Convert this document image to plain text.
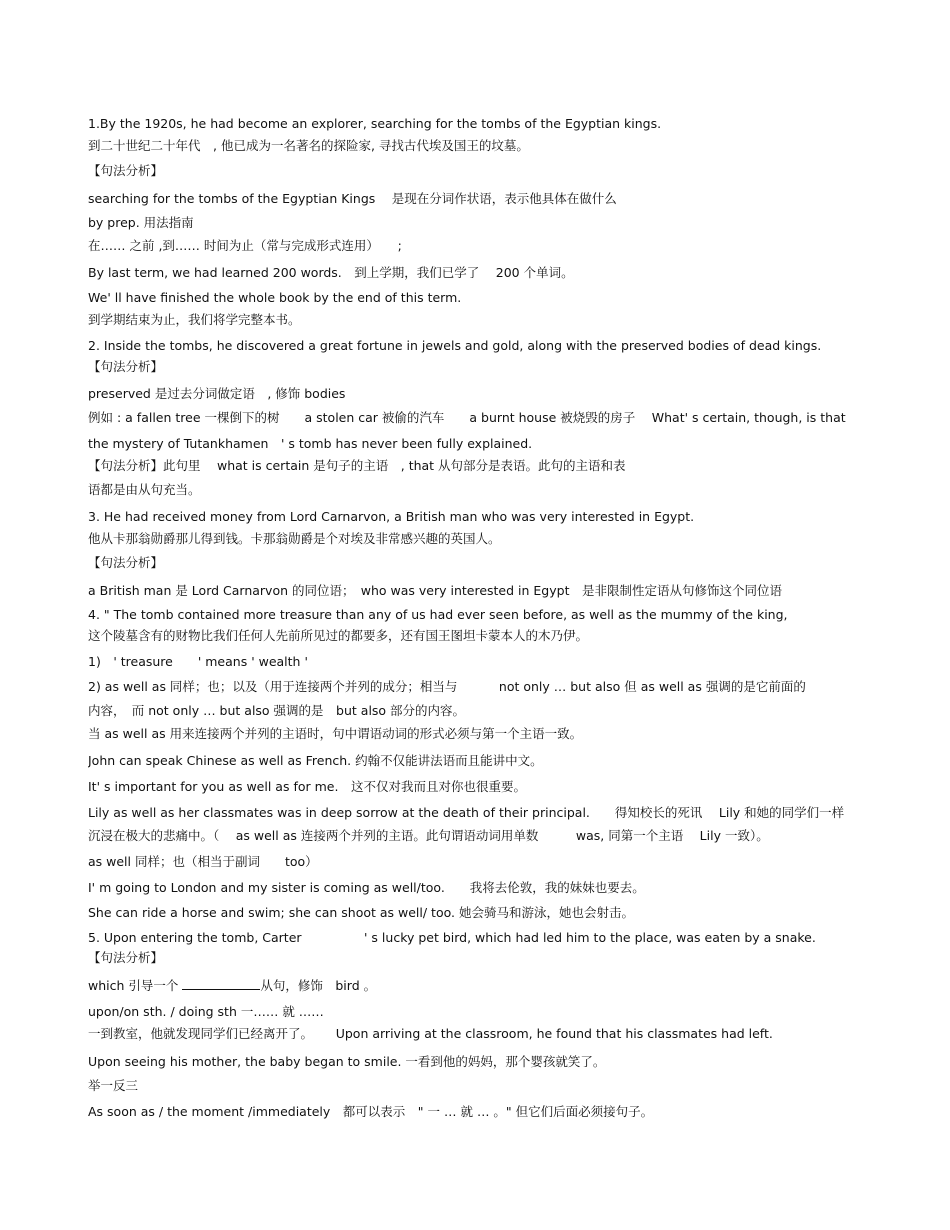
1.By the 1920s, he had become an explorer, searching for the tombs of the Egyptian kings.
到二十世纪二十年代　, 他已成为一名著名的探险家, 寻找古代埃及国王的坟墓。
【句法分析】
searching for the tombs of the Egyptian Kings　 是现在分词作状语，表示他具体在做什么
by prep. 用法指南
在…… 之前 ,到…… 时间为止（常与完成形式连用）　　;
By last term, we had learned 200 words.　到上学期，我们已学了　 200 个单词。
We' ll have finished the whole book by the end of this term.
到学期结束为止，我们将学完整本书。
2. Inside the tombs, he discovered a great fortune in jewels and gold, along with the preserved bodies of dead kings.
【句法分析】
preserved 是过去分词做定语　, 修饰 bodies
例如 : a fallen tree 一棵倒下的树　　a stolen car 被偷的汽车　　a burnt house 被烧毁的房子　 What' s certain, though, is that
the mystery of Tutankhamen　' s tomb has never been fully explained.
【句法分析】此句里　 what is certain 是句子的主语　, that 从句部分是表语。此句的主语和表
语都是由从句充当。
3. He had received money from Lord Carnarvon, a British man who was very interested in Egypt.
他从卡那翁勋爵那儿得到钱。卡那翁勋爵是个对埃及非常感兴趣的英国人。
【句法分析】
a British man 是 Lord Carnarvon 的同位语；　who was very interested in Egypt　是非限制性定语从句修饰这个同位语
4. " The tomb contained more treasure than any of us had ever seen before, as well as the mummy of the king,
这个陵墓含有的财物比我们任何人先前所见过的都要多，还有国王图坦卡蒙本人的木乃伊。
1)　' treasure　　' means ' wealth '
2) as well as 同样；也；以及（用于连接两个并列的成分；相当与　　　 not only … but also 但 as well as 强调的是它前面的
内容，　而 not only … but also 强调的是　but also 部分的内容。
当 as well as 用来连接两个并列的主语时，句中谓语动词的形式必须与第一个主语一致。
John can speak Chinese as well as French. 约翰不仅能讲法语而且能讲中文。
It' s important for you as well as for me.　这不仅对我而且对你也很重要。
Lily as well as her classmates was in deep sorrow at the death of their principal.　　得知校长的死讯　 Lily 和她的同学们一样
沉浸在极大的悲痛中。（　 as well as 连接两个并列的主语。此句谓语动词用单数　　　was, 同第一个主语　 Lily 一致）。
as well 同样；也（相当于副词　　too）
I' m going to London and my sister is coming as well/too.　　我将去伦敦，我的妹妹也要去。
She can ride a horse and swim; she can shoot as well/ too. 她会骑马和游泳，她也会射击。
5. Upon entering the tomb, Carter　　　　　' s lucky pet bird, which had led him to the place, was eaten by a snake.
【句法分析】
upon/on sth. / doing sth 一…… 就 ……
一到教室，他就发现同学们已经离开了。　　 Upon arriving at the classroom, he found that his classmates had left.
Upon seeing his mother, the baby began to smile. 一看到他的妈妈，那个婴孩就笑了。
举一反三
As soon as / the moment /immediately　都可以表示　" 一 … 就 … 。" 但它们后面必须接句子。
which 引导一个	从句，修饰　bird 。
